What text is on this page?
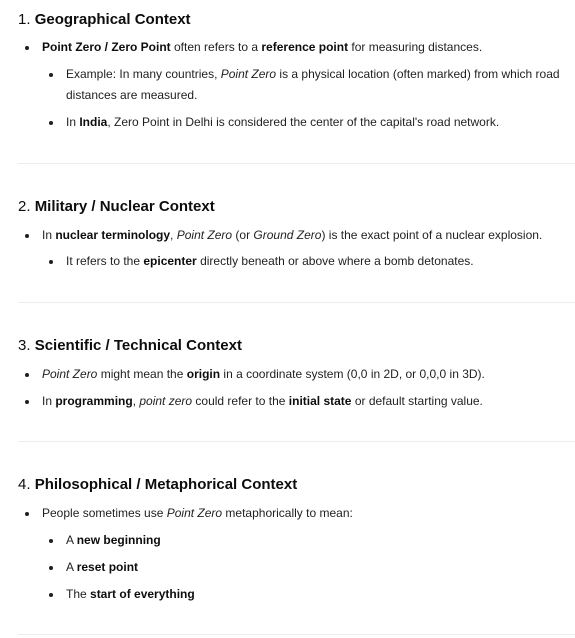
1. Geographical Context
Point Zero / Zero Point often refers to a reference point for measuring distances.
Example: In many countries, Point Zero is a physical location (often marked) from which road
distances are measured.
In India, Zero Point in Delhi is considered the center of the capital's road network.
2. Military / Nuclear Context
In nuclear terminology, Point Zero (or Ground Zero) is the exact point of a nuclear explosion.
It refers to the epicenter directly beneath or above where a bomb detonates.
3. Scientific / Technical Context
Point Zero might mean the origin in a coordinate system (0,0 in 2D, or 0,0,0 in 3D).
In programming, point zero could refer to the initial state or default starting value.
4. Philosophical / Metaphorical Context
People sometimes use Point Zero metaphorically to mean:
A new beginning
A reset point
The start of everything
